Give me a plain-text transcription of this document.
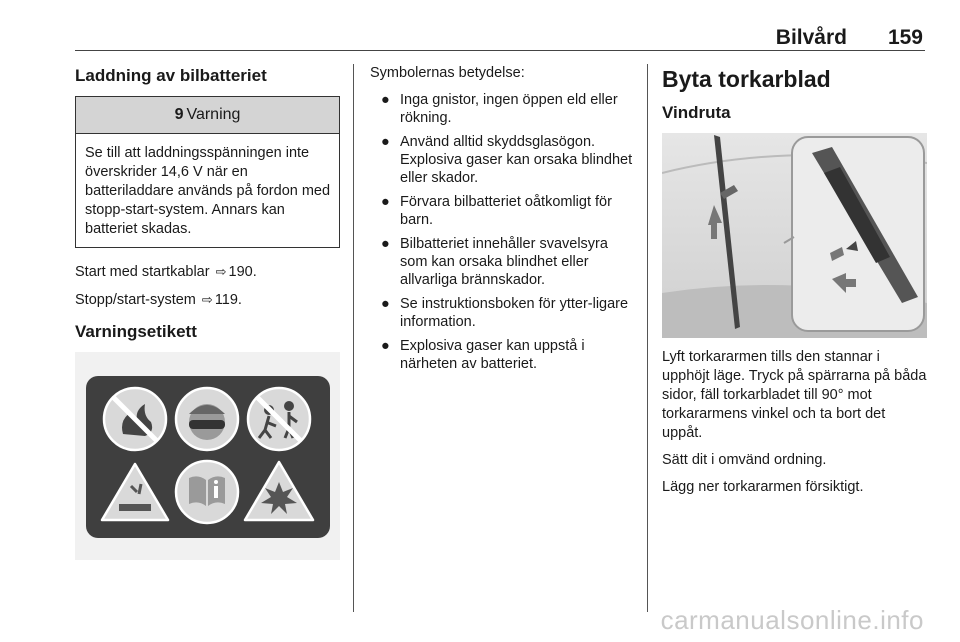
Bilvård 159
Laddning av bilbatteriet
9 Varning
Se till att laddningsspänningen inte överskrider 14,6 V när en batteriladdare används på fordon med stopp-start-system. Annars kan batteriet skadas.

Start med startkablar ⇨ 190.

Stopp/start-system ⇨ 119.

Varningsetikett

Symbolernas betydelse:

● Inga gnistor, ingen öppen eld eller rökning.
● Använd alltid skyddsglasögon. Explosiva gaser kan orsaka blindhet eller skador.
● Förvara bilbatteriet oåtkomligt för barn.
● Bilbatteriet innehåller svavelsyra som kan orsaka blindhet eller allvarliga brännskador.
● Se instruktionsboken för ytter-ligare information.
● Explosiva gaser kan uppstå i närheten av batteriet.
Byta torkarblad
Vindruta

Lyft torkararmen tills den stannar i upphöjt läge. Tryck på spärrarna på båda sidor, fäll torkarbladet till 90° mot torkararmens vinkel och ta bort det uppåt.

Sätt dit i omvänd ordning.

Lägg ner torkararmen försiktigt.

carmanualsonline.info
